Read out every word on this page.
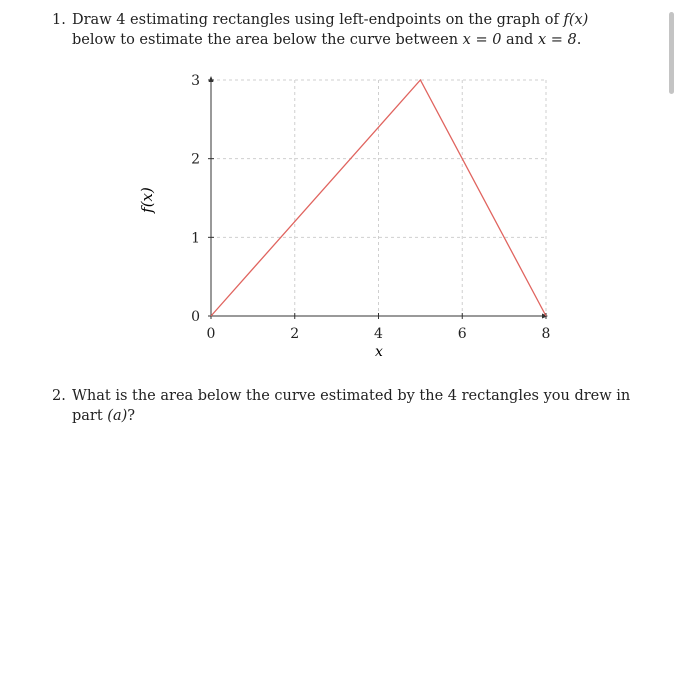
1. Draw 4 estimating rectangles using left-endpoints on the graph of f(x) below to estimate the area below the curve between x = 0 and x = 8.
0	2	4	6	8
0
1
2
3
x
f(x)
2. What is the area below the curve estimated by the 4 rectangles you drew in part (a)?
